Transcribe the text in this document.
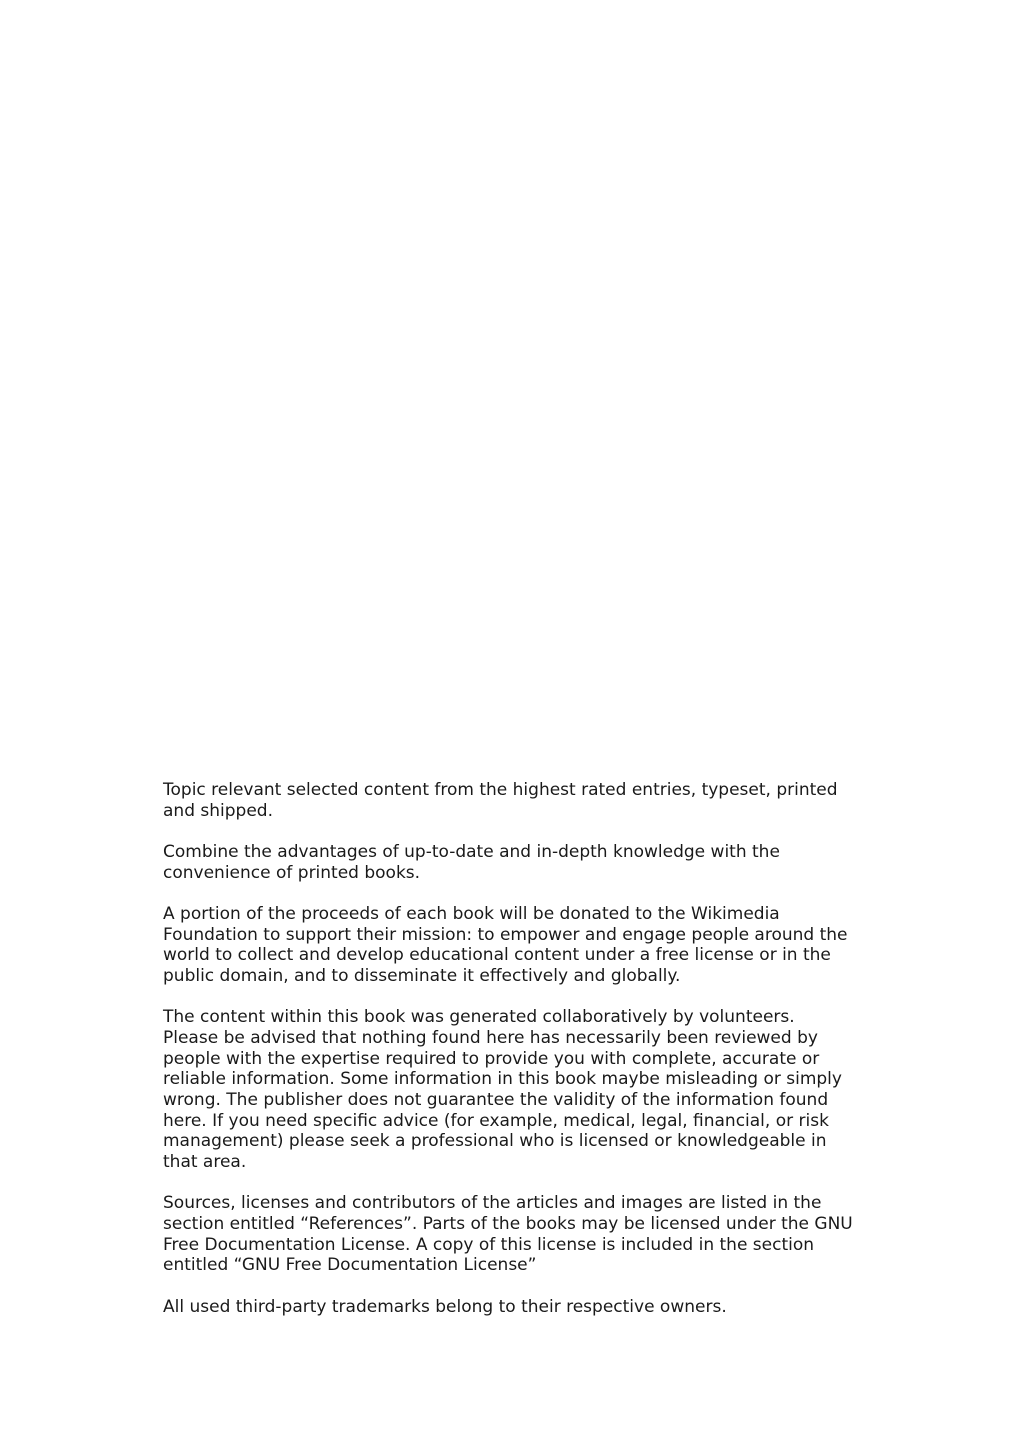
Topic relevant selected content from the highest rated entries, typeset, printed
and shipped.

Combine the advantages of up-to-date and in-depth knowledge with the
convenience of printed books.

A portion of the proceeds of each book will be donated to the Wikimedia
Foundation to support their mission: to empower and engage people around the
world to collect and develop educational content under a free license or in the
public domain, and to disseminate it effectively and globally.

The content within this book was generated collaboratively by volunteers.
Please be advised that nothing found here has necessarily been reviewed by
people with the expertise required to provide you with complete, accurate or
reliable information. Some information in this book maybe misleading or simply
wrong. The publisher does not guarantee the validity of the information found
here. If you need specific advice (for example, medical, legal, financial, or risk
management) please seek a professional who is licensed or knowledgeable in
that area.

Sources, licenses and contributors of the articles and images are listed in the
section entitled “References”. Parts of the books may be licensed under the GNU
Free Documentation License. A copy of this license is included in the section
entitled “GNU Free Documentation License”

All used third-party trademarks belong to their respective owners.
